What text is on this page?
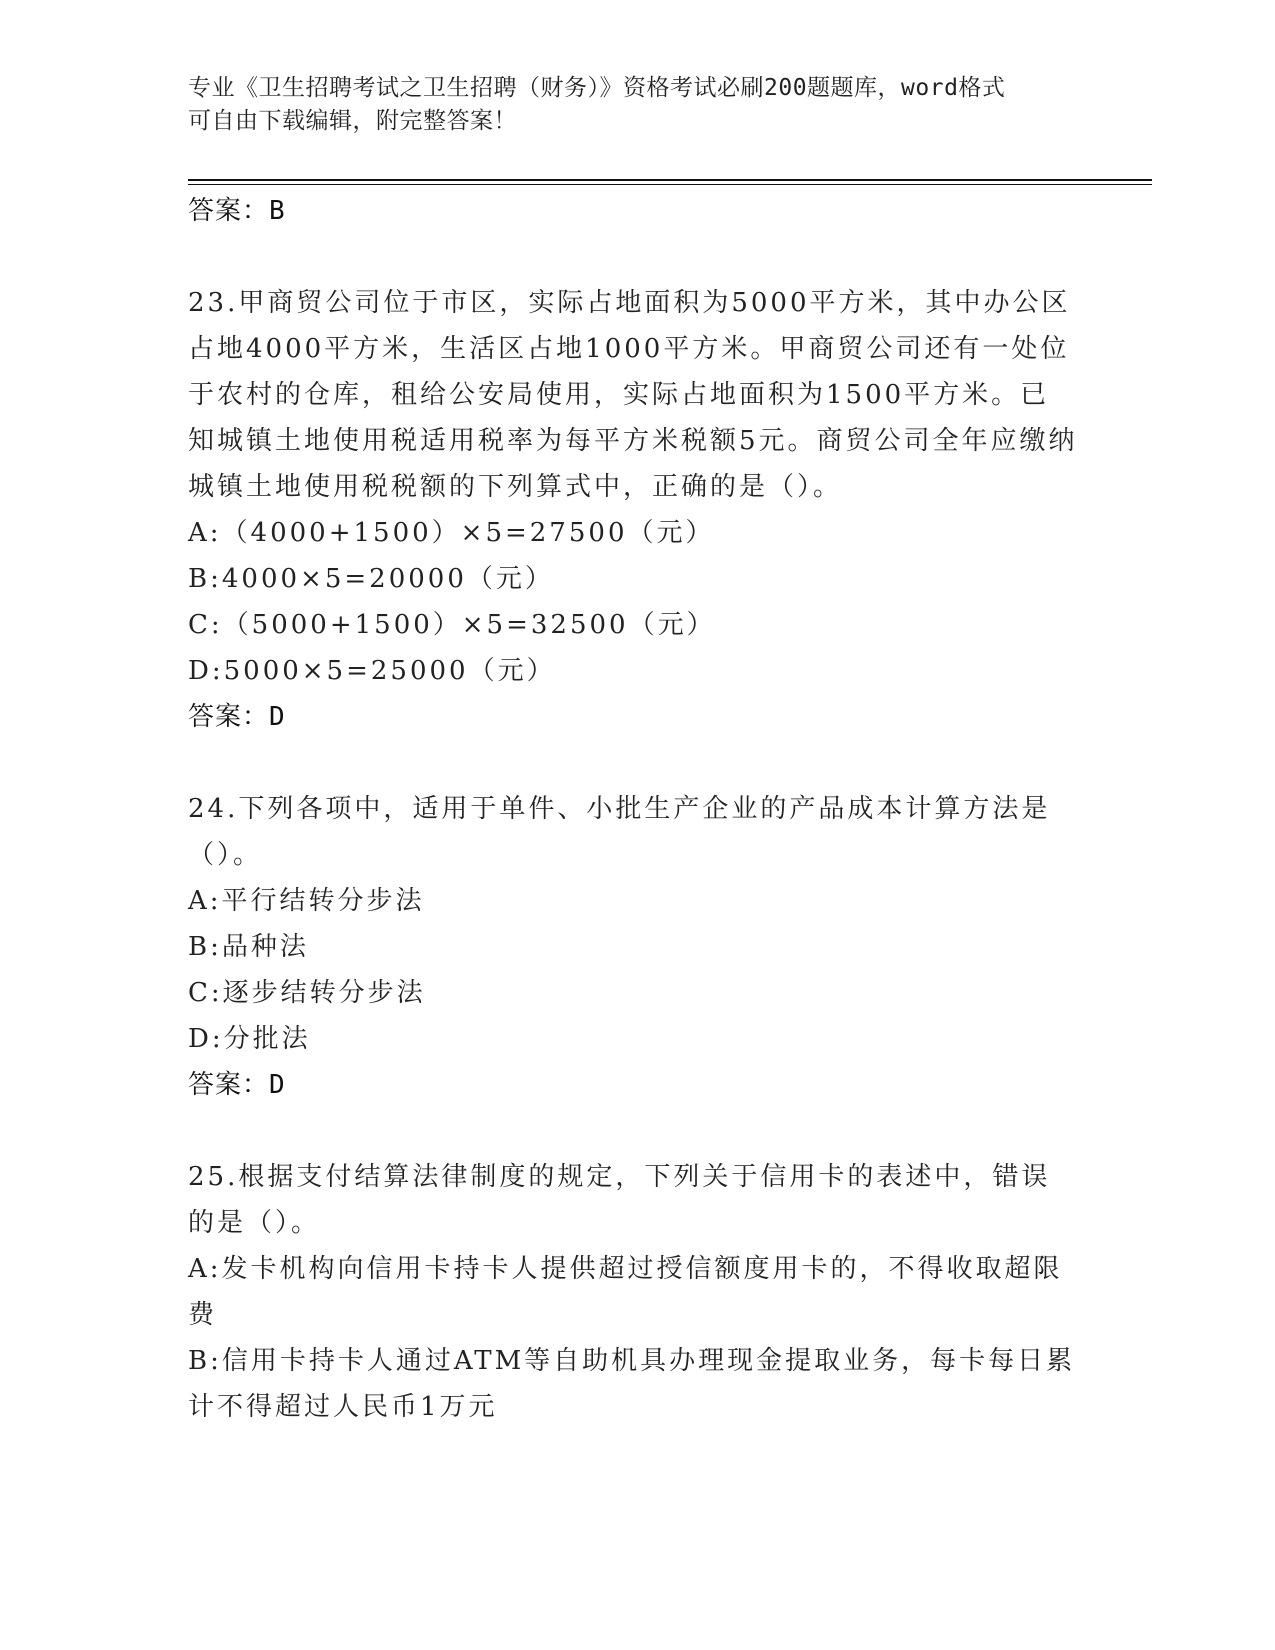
专业《卫生招聘考试之卫生招聘（财务）》资格考试必刷200题题库，word格式
可自由下载编辑，附完整答案！
答案：B
23.甲商贸公司位于市区，实际占地面积为5000平方米，其中办公区占地4000平方米，生活区占地1000平方米。甲商贸公司还有一处位于农村的仓库，租给公安局使用，实际占地面积为1500平方米。已知城镇土地使用税适用税率为每平方米税额5元。商贸公司全年应缴纳城镇土地使用税税额的下列算式中，正确的是（）。
A:（4000+1500）×5=27500（元）
B:4000×5=20000（元）
C:（5000+1500）×5=32500（元）
D:5000×5=25000（元）
答案：D
24.下列各项中，适用于单件、小批生产企业的产品成本计算方法是（）。
A:平行结转分步法
B:品种法
C:逐步结转分步法
D:分批法
答案：D
25.根据支付结算法律制度的规定，下列关于信用卡的表述中，错误的是（）。
A:发卡机构向信用卡持卡人提供超过授信额度用卡的，不得收取超限费
B:信用卡持卡人通过ATM等自助机具办理现金提取业务，每卡每日累计不得超过人民币1万元
